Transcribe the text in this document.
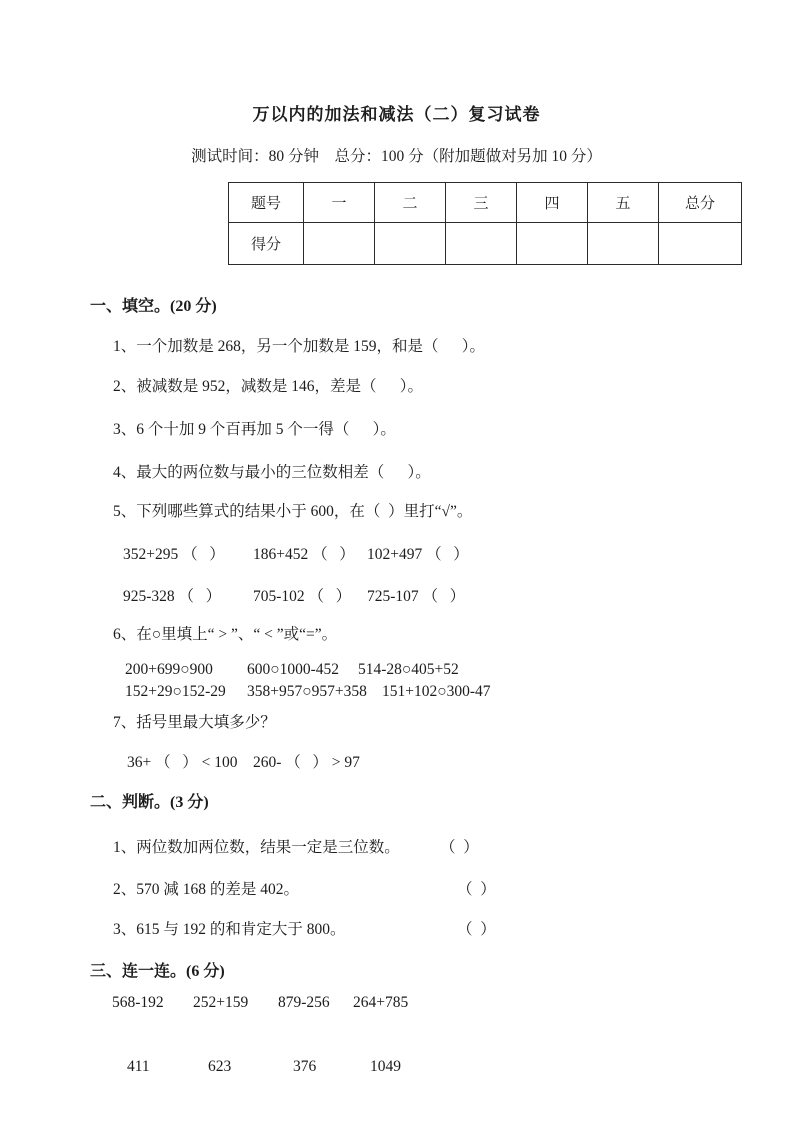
万以内的加法和减法（二）复习试卷
测试时间：80 分钟    总分：100 分（附加题做对另加 10 分）
题号	一	二	三	四	五	总分
得分						
一、填空。(20 分)
1、一个加数是 268，另一个加数是 159，和是（      ）。
2、被减数是 952，减数是 146，差是（      ）。
3、6 个十加 9 个百再加 5 个一得（      ）。
4、最大的两位数与最小的三位数相差（      ）。
5、下列哪些算式的结果小于 600，在（  ）里打“√”。

352+295 （   ）

186+452 （   ）

102+497 （   ）

925-328 （   ）

705-102 （   ）

725-107 （   ）

6、在○里填上“ > ”、“ < ”或“=”。

200+699○900

600○1000-452

514-28○405+52

152+29○152-29

358+957○957+358

151+102○300-47

7、括号里最大填多少？

36+ （   ） < 100

260- （   ） > 97

二、判断。(3 分)

1、两位数加两位数，结果一定是三位数。

	（  ）

2、570 减 168 的差是 402。

	（  ）

3、615 与 192 的和肯定大于 800。

	（  ）

三、连一连。(6 分)

568-192

252+159

879-256

264+785

411

	623

	376

	1049
